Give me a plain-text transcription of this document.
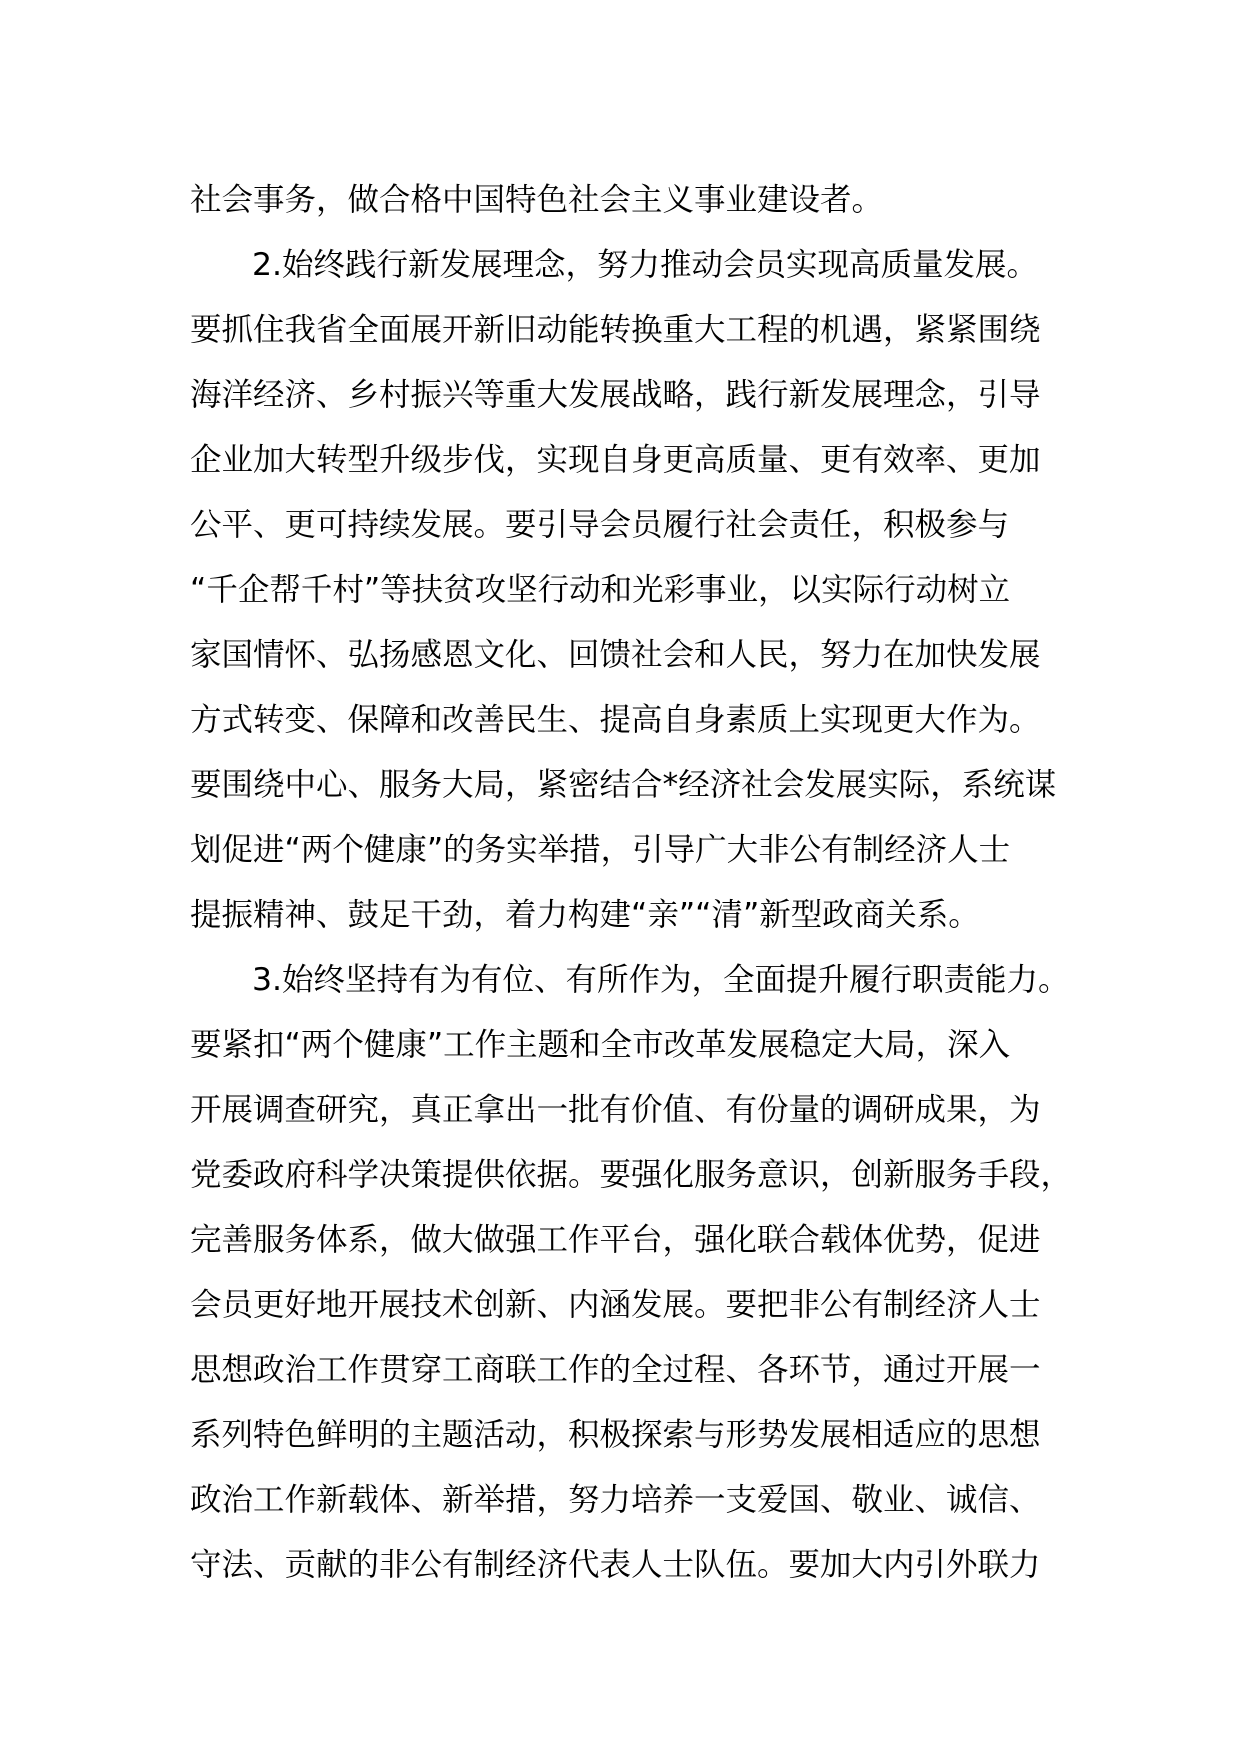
社会事务，做合格中国特色社会主义事业建设者。
2.始终践行新发展理念，努力推动会员实现高质量发展。
要抓住我省全面展开新旧动能转换重大工程的机遇，紧紧围绕
海洋经济、乡村振兴等重大发展战略，践行新发展理念，引导
企业加大转型升级步伐，实现自身更高质量、更有效率、更加
公平、更可持续发展。要引导会员履行社会责任，积极参与
“千企帮千村”等扶贫攻坚行动和光彩事业，以实际行动树立
家国情怀、弘扬感恩文化、回馈社会和人民，努力在加快发展
方式转变、保障和改善民生、提高自身素质上实现更大作为。
要围绕中心、服务大局，紧密结合*经济社会发展实际，系统谋
划促进“两个健康”的务实举措，引导广大非公有制经济人士
提振精神、鼓足干劲，着力构建“亲”“清”新型政商关系。
3.始终坚持有为有位、有所作为，全面提升履行职责能力。
要紧扣“两个健康”工作主题和全市改革发展稳定大局，深入
开展调查研究，真正拿出一批有价值、有份量的调研成果，为
党委政府科学决策提供依据。要强化服务意识，创新服务手段，
完善服务体系，做大做强工作平台，强化联合载体优势，促进
会员更好地开展技术创新、内涵发展。要把非公有制经济人士
思想政治工作贯穿工商联工作的全过程、各环节，通过开展一
系列特色鲜明的主题活动，积极探索与形势发展相适应的思想
政治工作新载体、新举措，努力培养一支爱国、敬业、诚信、
守法、贡献的非公有制经济代表人士队伍。要加大内引外联力
